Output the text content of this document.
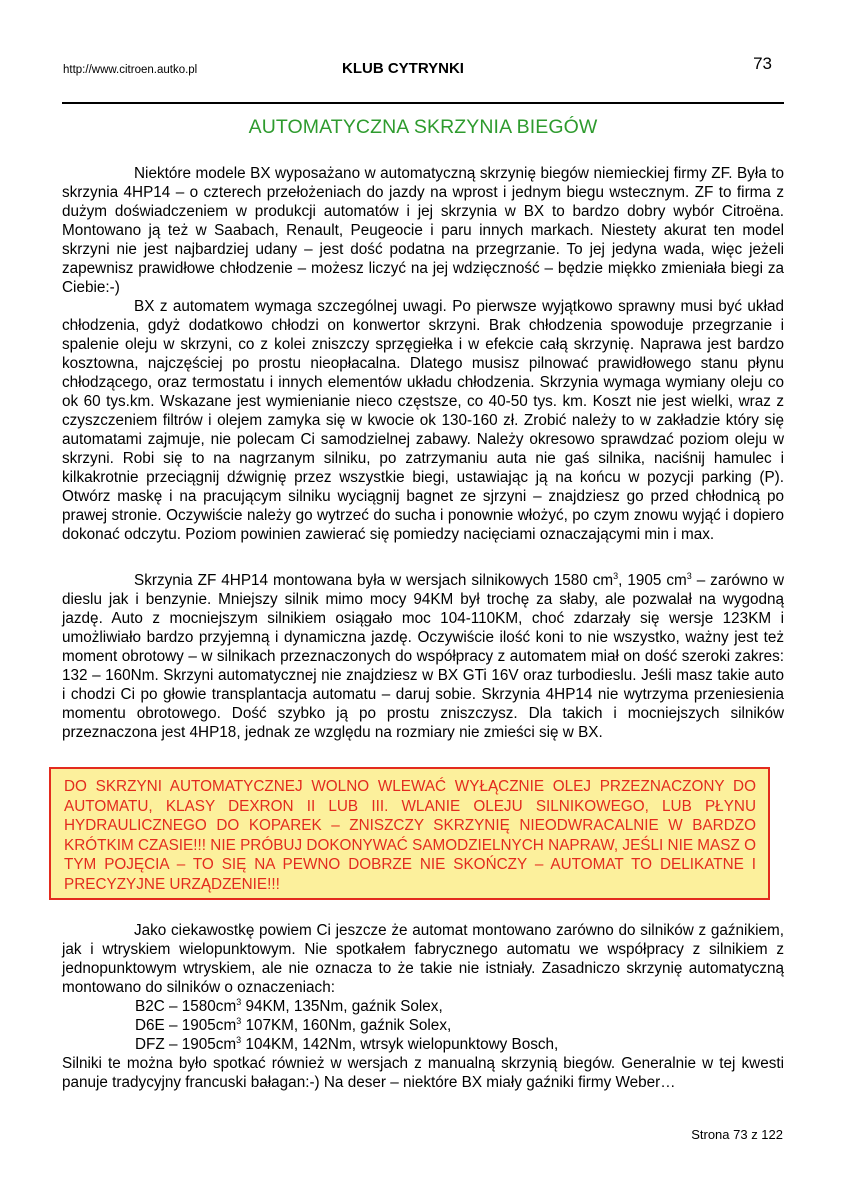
http://www.citroen.autko.pl	KLUB CYTRYNKI	73
AUTOMATYCZNA SKRZYNIA BIEGÓW

Niektóre modele BX wyposażano w automatyczną skrzynię biegów niemieckiej firmy ZF. Była to skrzynia 4HP14 – o czterech przełożeniach do jazdy na wprost i jednym biegu wstecznym. ZF to firma z dużym doświadczeniem w produkcji automatów i jej skrzynia w BX to bardzo dobry wybór Citroëna. Montowano ją też w Saabach, Renault, Peugeocie i paru innych markach. Niestety akurat ten model skrzyni nie jest najbardziej udany – jest dość podatna na przegrzanie. To jej jedyna wada, więc jeżeli zapewnisz prawidłowe chłodzenie – możesz liczyć na jej wdzięczność – będzie miękko zmieniała biegi za Ciebie:-)

BX z automatem wymaga szczególnej uwagi. Po pierwsze wyjątkowo sprawny musi być układ chłodzenia, gdyż dodatkowo chłodzi on konwertor skrzyni. Brak chłodzenia spowoduje przegrzanie i spalenie oleju w skrzyni, co z kolei zniszczy sprzęgiełka i w efekcie całą skrzynię. Naprawa jest bardzo kosztowna, najczęściej po prostu nieopłacalna. Dlatego musisz pilnować prawidłowego stanu płynu chłodzącego, oraz termostatu i innych elementów układu chłodzenia. Skrzynia wymaga wymiany oleju co ok 60 tys.km. Wskazane jest wymienianie nieco częstsze, co 40-50 tys. km. Koszt nie jest wielki, wraz z czyszczeniem filtrów i olejem zamyka się w kwocie ok 130-160 zł. Zrobić należy to w zakładzie który się automatami zajmuje, nie polecam Ci samodzielnej zabawy. Należy okresowo sprawdzać poziom oleju w skrzyni. Robi się to na nagrzanym silniku, po zatrzymaniu auta nie gaś silnika, naciśnij hamulec i kilkakrotnie przeciągnij dźwignię przez wszystkie biegi, ustawiając ją na końcu w pozycji parking (P). Otwórz maskę i na pracującym silniku wyciągnij bagnet ze sjrzyni – znajdziesz go przed chłodnicą po prawej stronie. Oczywiście należy go wytrzeć do sucha i ponownie włożyć, po czym znowu wyjąć i dopiero dokonać odczytu. Poziom powinien zawierać się pomiedzy nacięciami oznaczającymi min i max.

Skrzynia ZF 4HP14 montowana była w wersjach silnikowych 1580 $cm^3$, 1905 $cm^3$ – zarówno w dieslu jak i benzynie. Mniejszy silnik mimo mocy 94KM był trochę za słaby, ale pozwalał na wygodną jazdę. Auto z mocniejszym silnikiem osiągało moc 104-110KM, choć zdarzały się wersje 123KM i umożliwiało bardzo przyjemną i dynamiczna jazdę. Oczywiście ilość koni to nie wszystko, ważny jest też moment obrotowy – w silnikach przeznaczonych do współpracy z automatem miał on dość szeroki zakres: 132 – 160Nm. Skrzyni automatycznej nie znajdziesz w BX GTi 16V oraz turbodieslu. Jeśli masz takie auto i chodzi Ci po głowie transplantacja automatu – daruj sobie. Skrzynia 4HP14 nie wytrzyma przeniesienia momentu obrotowego. Dość szybko ją po prostu zniszczysz. Dla takich i mocniejszych silników przeznaczona jest 4HP18, jednak ze względu na rozmiary nie zmieści się w BX.

DO SKRZYNI AUTOMATYCZNEJ WOLNO WLEWAĆ WYŁĄCZNIE OLEJ PRZEZNACZONY DO AUTOMATU, KLASY DEXRON II LUB III. WLANIE OLEJU SILNIKOWEGO, LUB PŁYNU HYDRAULICZNEGO DO KOPAREK – ZNISZCZY SKRZYNIĘ NIEODWRACALNIE W BARDZO KRÓTKIM CZASIE!!! NIE PRÓBUJ DOKONYWAĆ SAMODZIELNYCH NAPRAW, JEŚLI NIE MASZ O TYM POJĘCIA – TO SIĘ NA PEWNO DOBRZE NIE SKOŃCZY – AUTOMAT TO DELIKATNE I PRECYZYJNE URZĄDZENIE!!!

Jako ciekawostkę powiem Ci jeszcze że automat montowano zarówno do silników z gaźnikiem, jak i wtryskiem wielopunktowym. Nie spotkałem fabrycznego automatu we współpracy z silnikiem z jednopunktowym wtryskiem, ale nie oznacza to że takie nie istniały. Zasadniczo skrzynię automatyczną montowano do silników o oznaczeniach:

$B2C - 1580cm^3$ 94KM, 135Nm, gaźnik Solex,
$D6E - 1905cm^3$ 107KM, 160Nm, gaźnik Solex,
DFZ – $1905cm^3$ 104KM, 142Nm, wtrsyk wielopunktowy Bosch,

Silniki te można było spotkać również w wersjach z manualną skrzynią biegów. Generalnie w tej kwesti panuje tradycyjny francuski bałagan:-) Na deser – niektóre BX miały gaźniki firmy Weber…

Strona 73 z 122
